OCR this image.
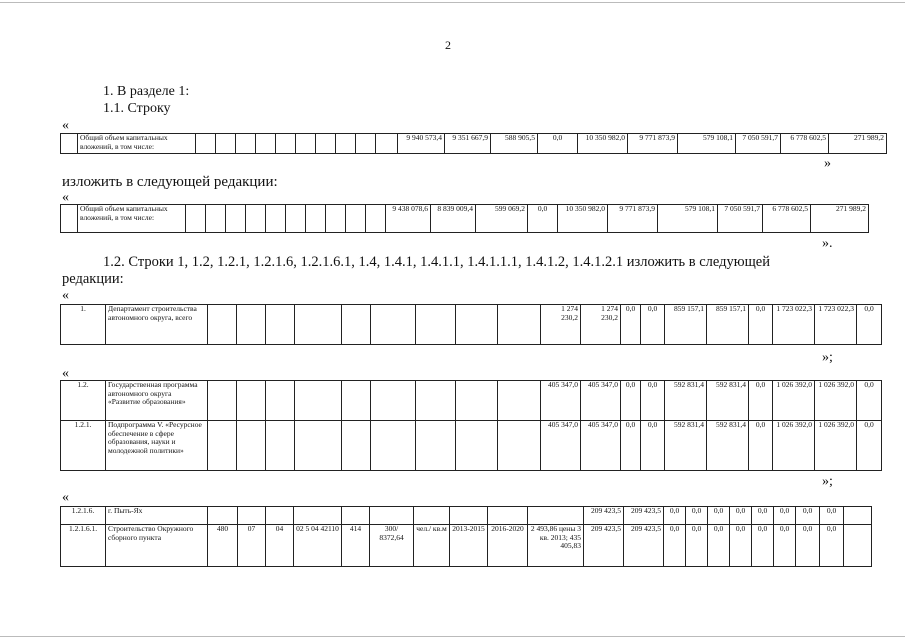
2
1. В разделе 1:
1.1. Строку
«
	Общий объем капитальных вложений, в том числе:											9 940 573,4	9 351 667,9	588 905,5	0,0	10 350 982,0	9 771 873,9	579 108,1	7 050 591,7	6 778 602,5	271 989,2
»
изложить в следующей редакции:
«
	Общий объем капитальных вложений, в том числе:											9 438 078,6	8 839 009,4	599 069,2	0,0	10 350 982,0	9 771 873,9	579 108,1	7 050 591,7	6 778 602,5	271 989,2
».
1.2. Строки 1, 1.2, 1.2.1, 1.2.1.6, 1.2.1.6.1, 1.4, 1.4.1, 1.4.1.1, 1.4.1.1.1, 1.4.1.2, 1.4.1.2.1 изложить в следующей
редакции:
«
1.	Департамент строительства автономного округа, всего										1 274 230,2	1 274 230,2	0,0	0,0	859 157,1	859 157,1	0,0	1 723 022,3	1 723 022,3	0,0
»;
«
1.2.	Государственная программа автономного округа «Развитие образования»										405 347,0	405 347,0	0,0	0,0	592 831,4	592 831,4	0,0	1 026 392,0	1 026 392,0	0,0
1.2.1.	Подпрограмма V. «Ресурсное обеспечение в сфере образования, науки и молодежной политики»										405 347,0	405 347,0	0,0	0,0	592 831,4	592 831,4	0,0	1 026 392,0	1 026 392,0	0,0
»;
«
1.2.1.6.	г. Пыть-Ях											209 423,5	209 423,5	0,0	0,0	0,0	0,0	0,0	0,0	0,0	0,0	
1.2.1.6.1.	Строительство Окружного сборного пункта	480	07	04	02 5 04 42110	414	300/ 8372,64	чел./ кв.м	2013-2015	2016-2020	2 493,86 цены 3 кв. 2013; 435 405,83	209 423,5	209 423,5	0,0	0,0	0,0	0,0	0,0	0,0	0,0	0,0	
